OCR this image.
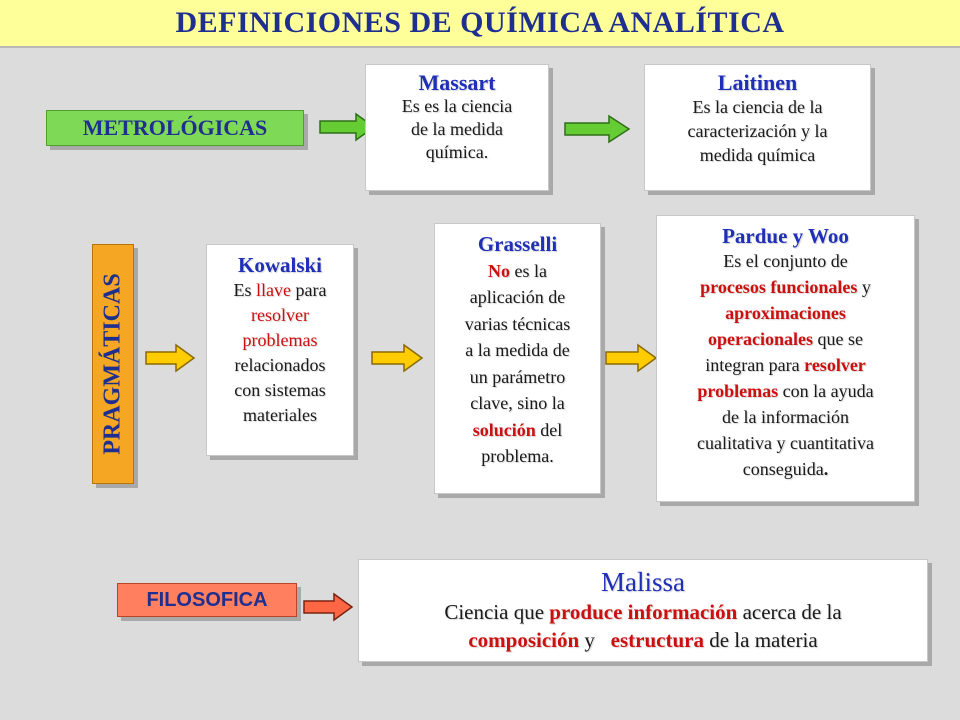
DEFINICIONES DE QUÍMICA ANALÍTICA
METROLÓGICAS
Massart
Es es la ciencia
de la medida
química.
Laitinen
Es la ciencia de la
caracterización y la
medida química
PRAGMÁTICAS
Kowalski
Es llave para
resolver
problemas
relacionados
con sistemas
materiales
Grasselli
No es la
aplicación de
varias técnicas
a la medida de
un parámetro
clave, sino la
solución del
problema.
Pardue y Woo
Es el conjunto de
procesos funcionales y
aproximaciones
operacionales que se
integran para resolver
problemas con la ayuda
de la información
cualitativa y cuantitativa
conseguida.
FILOSOFICA
Malissa
Ciencia que produce información acerca de la
composición y   estructura de la materia
